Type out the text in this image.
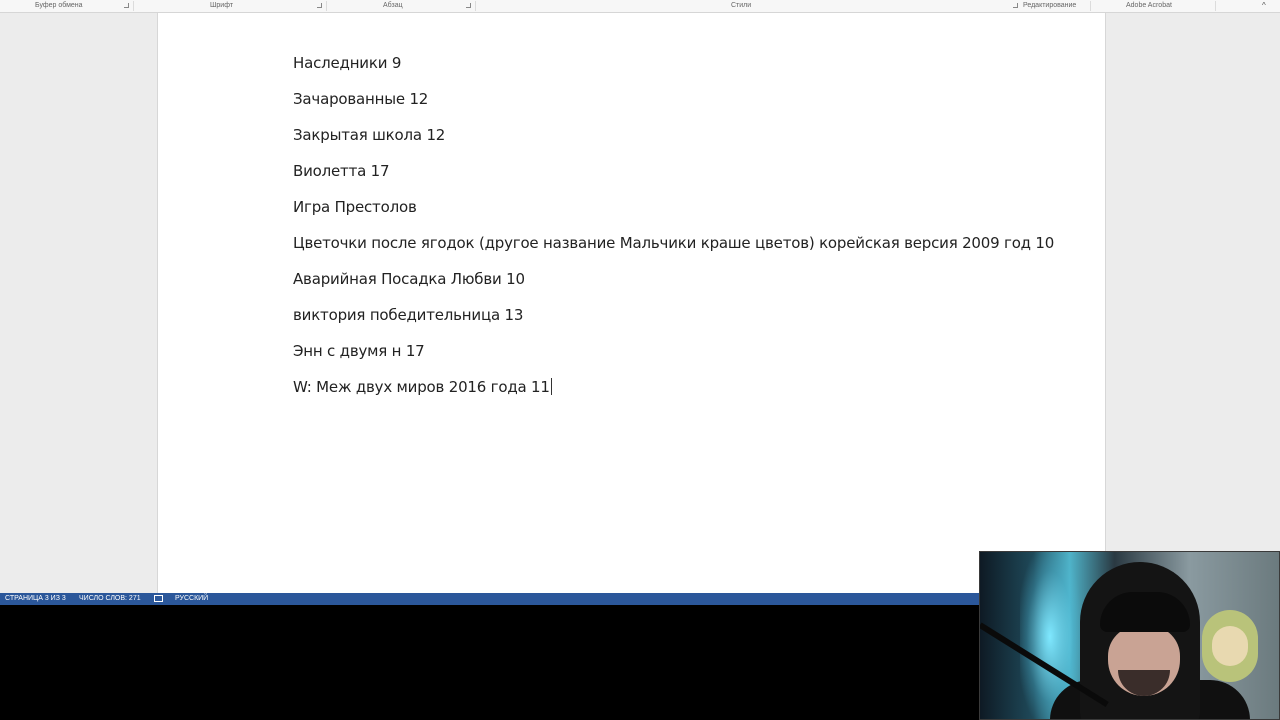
Буфер обмена	Шрифт	Абзац	Стили	Редактирование	Adobe Acrobat	^
Наследники 9
Зачарованные 12
Закрытая школа 12
Виолетта 17
Игра Престолов
Цветочки после ягодок (другое название Мальчики краше цветов) корейская версия 2009 год 10
Аварийная Посадка Любви 10
виктория победительница 13
Энн с двумя н 17
W: Меж двух миров 2016 года 11
СТРАНИЦА 3 ИЗ 3 ЧИСЛО СЛОВ: 271	РУССКИЙ
